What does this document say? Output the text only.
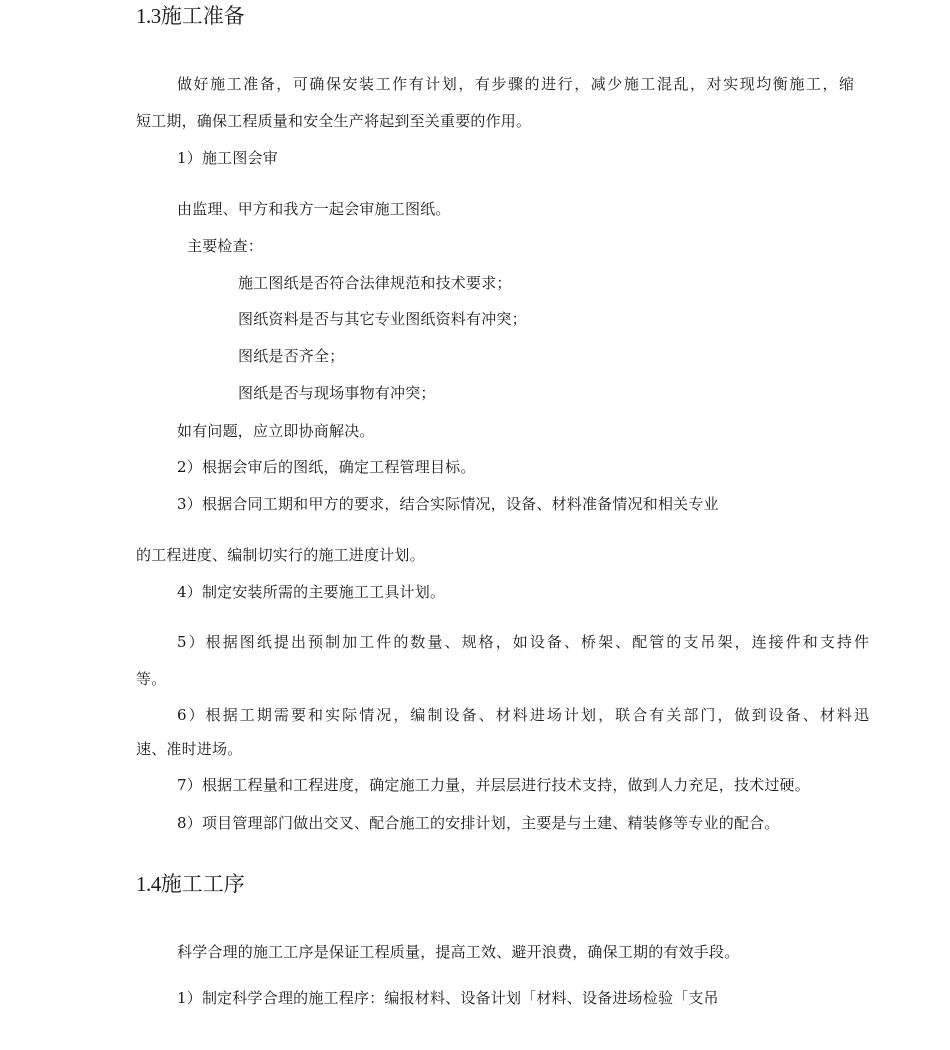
1.3施工准备
做好施工准备，可确保安装工作有计划，有步骤的进行，减少施工混乱，对实现均衡施工，缩
短工期，确保工程质量和安全生产将起到至关重要的作用。
1）施工图会审
由监理、甲方和我方一起会审施工图纸。
主要检查：
施工图纸是否符合法律规范和技术要求；
图纸资料是否与其它专业图纸资料有冲突；
图纸是否齐全；
图纸是否与现场事物有冲突；
如有问题，应立即协商解决。
2）根据会审后的图纸，确定工程管理目标。
3）根据合同工期和甲方的要求，结合实际情况，设备、材料准备情况和相关专业
的工程进度、编制切实行的施工进度计划。
4）制定安装所需的主要施工工具计划。
5）根据图纸提出预制加工件的数量、规格，如设备、桥架、配管的支吊架，连接件和支持件
等。
6）根据工期需要和实际情况，编制设备、材料进场计划，联合有关部门，做到设备、材料迅
速、准时进场。
7）根据工程量和工程进度，确定施工力量，并层层进行技术支持，做到人力充足，技术过硬。
8）项目管理部门做出交叉、配合施工的安排计划，主要是与土建、精装修等专业的配合。
1.4施工工序
科学合理的施工工序是保证工程质量，提高工效、避开浪费，确保工期的有效手段。
1）制定科学合理的施工程序：编报材料、设备计划「材料、设备进场检验「支吊
